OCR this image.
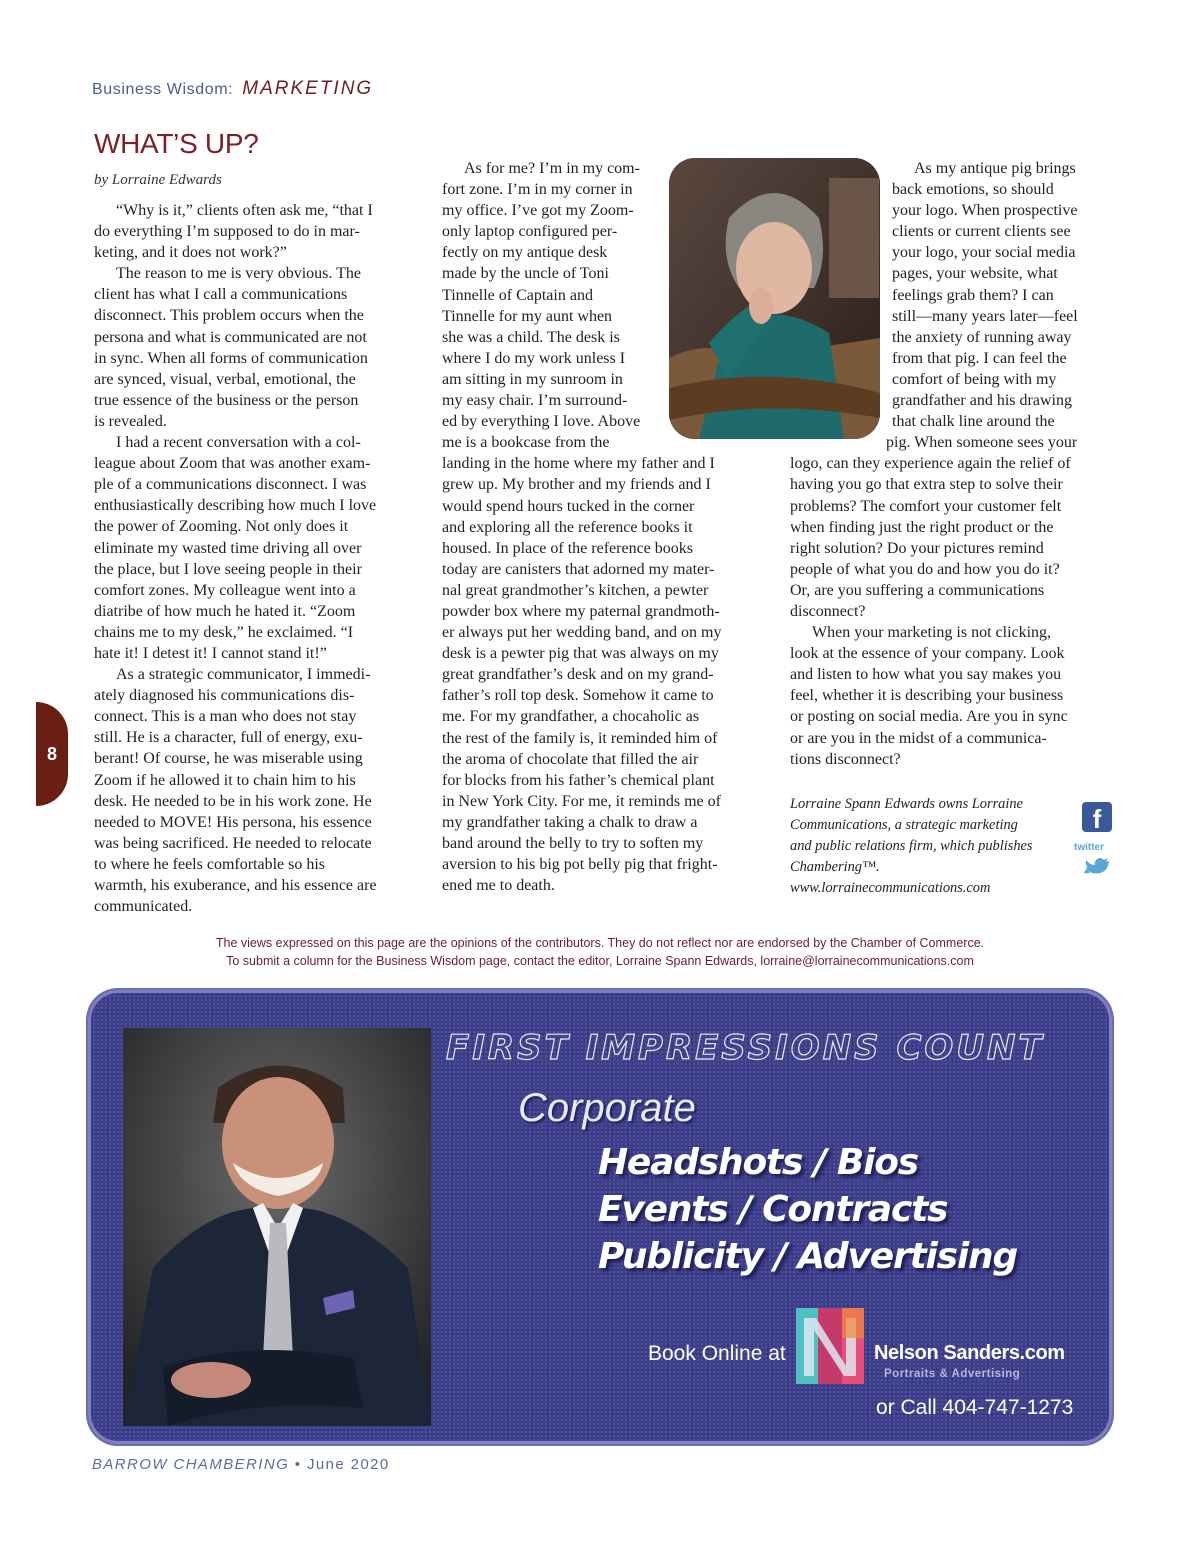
Business Wisdom: MARKETING
WHAT’S UP?
by Lorraine Edwards
“Why is it,” clients often ask me, “that I
do everything I’m supposed to do in mar-
keting, and it does not work?”
The reason to me is very obvious. The
client has what I call a communications
disconnect. This problem occurs when the
persona and what is communicated are not
in sync. When all forms of communication
are synced, visual, verbal, emotional, the
true essence of the business or the person
is revealed.
I had a recent conversation with a col-
league about Zoom that was another exam-
ple of a communications disconnect. I was
enthusiastically describing how much I love
the power of Zooming. Not only does it
eliminate my wasted time driving all over
the place, but I love seeing people in their
comfort zones. My colleague went into a
diatribe of how much he hated it. “Zoom
chains me to my desk,” he exclaimed. “I
hate it! I detest it! I cannot stand it!”
As a strategic communicator, I immedi-
ately diagnosed his communications dis-
connect. This is a man who does not stay
still. He is a character, full of energy, exu-
berant! Of course, he was miserable using
Zoom if he allowed it to chain him to his
desk. He needed to be in his work zone. He
needed to MOVE! His persona, his essence
was being sacrificed. He needed to relocate
to where he feels comfortable so his
warmth, his exuberance, and his essence are
communicated.
As for me? I’m in my com-
fort zone. I’m in my corner in
my office. I’ve got my Zoom-
only laptop configured per-
fectly on my antique desk
made by the uncle of Toni
Tinnelle of Captain and
Tinnelle for my aunt when
she was a child. The desk is
where I do my work unless I
am sitting in my sunroom in
my easy chair. I’m surround-
ed by everything I love. Above
me is a bookcase from the
landing in the home where my father and I
grew up. My brother and my friends and I
would spend hours tucked in the corner
and exploring all the reference books it
housed. In place of the reference books
today are canisters that adorned my mater-
nal great grandmother’s kitchen, a pewter
powder box where my paternal grandmoth-
er always put her wedding band, and on my
desk is a pewter pig that was always on my
great grandfather’s desk and on my grand-
father’s roll top desk. Somehow it came to
me. For my grandfather, a chocaholic as
the rest of the family is, it reminded him of
the aroma of chocolate that filled the air
for blocks from his father’s chemical plant
in New York City. For me, it reminds me of
my grandfather taking a chalk to draw a
band around the belly to try to soften my
aversion to his big pot belly pig that fright-
ened me to death.
As my antique pig brings
back emotions, so should
your logo. When prospective
clients or current clients see
your logo, your social media
pages, your website, what
feelings grab them? I can
still—many years later—feel
the anxiety of running away
from that pig. I can feel the
comfort of being with my
grandfather and his drawing
that chalk line around the
pig. When someone sees your
logo, can they experience again the relief of
having you go that extra step to solve their
problems? The comfort your customer felt
when finding just the right product or the
right solution? Do your pictures remind
people of what you do and how you do it?
Or, are you suffering a communications
disconnect?
When your marketing is not clicking,
look at the essence of your company. Look
and listen to how what you say makes you
feel, whether it is describing your business
or posting on social media. Are you in sync
or are you in the midst of a communica-
tions disconnect?
Lorraine Spann Edwards owns Lorraine
Communications, a strategic marketing
and public relations firm, which publishes
Chambering™.
www.lorrainecommunications.com
f
twitter
8
The views expressed on this page are the opinions of the contributors. They do not reflect nor are endorsed by the Chamber of Commerce.
To submit a column for the Business Wisdom page, contact the editor, Lorraine Spann Edwards, lorraine@lorrainecommunications.com
FIRST IMPRESSIONS COUNT
Corporate
Headshots / Bios
Events / Contracts
Publicity / Advertising
Book Online at	Nelson Sanders.com
Portraits & Advertising
or Call 404-747-1273
BARROW CHAMBERING • June 2020
